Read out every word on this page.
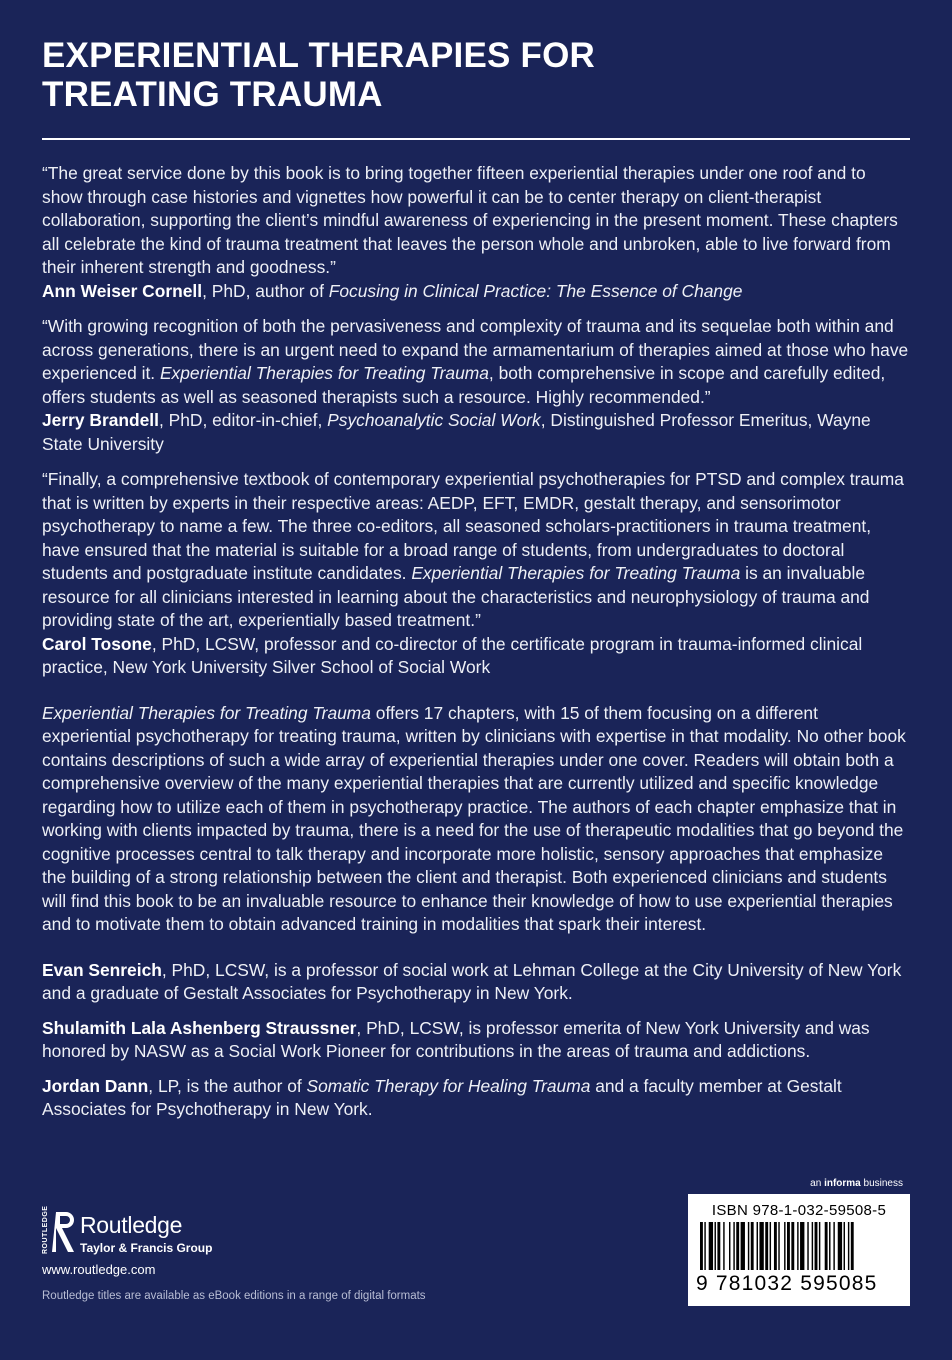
EXPERIENTIAL THERAPIES FOR
TREATING TRAUMA

“The great service done by this book is to bring together fifteen experiential therapies under one roof and to show through case histories and vignettes how powerful it can be to center therapy on client-therapist collaboration, supporting the client’s mindful awareness of experiencing in the present moment. These chapters all celebrate the kind of trauma treatment that leaves the person whole and unbroken, able to live forward from their inherent strength and goodness.”

Ann Weiser Cornell, PhD, author of Focusing in Clinical Practice: The Essence of Change

“With growing recognition of both the pervasiveness and complexity of trauma and its sequelae both within and across generations, there is an urgent need to expand the armamentarium of therapies aimed at those who have experienced it. Experiential Therapies for Treating Trauma, both comprehensive in scope and carefully edited, offers students as well as seasoned therapists such a resource. Highly recommended.”

Jerry Brandell, PhD, editor-in-chief, Psychoanalytic Social Work, Distinguished Professor Emeritus, Wayne State University

“Finally, a comprehensive textbook of contemporary experiential psychotherapies for PTSD and complex trauma that is written by experts in their respective areas: AEDP, EFT, EMDR, gestalt therapy, and sensorimotor psychotherapy to name a few. The three co-editors, all seasoned scholars-practitioners in trauma treatment, have ensured that the material is suitable for a broad range of students, from undergraduates to doctoral students and postgraduate institute candidates. Experiential Therapies for Treating Trauma is an invaluable resource for all clinicians interested in learning about the characteristics and neurophysiology of trauma and providing state of the art, experientially based treatment.”

Carol Tosone, PhD, LCSW, professor and co-director of the certificate program in trauma-informed clinical practice, New York University Silver School of Social Work

Experiential Therapies for Treating Trauma offers 17 chapters, with 15 of them focusing on a different experiential psychotherapy for treating trauma, written by clinicians with expertise in that modality. No other book contains descriptions of such a wide array of experiential therapies under one cover. Readers will obtain both a comprehensive overview of the many experiential therapies that are currently utilized and specific knowledge regarding how to utilize each of them in psychotherapy practice. The authors of each chapter emphasize that in working with clients impacted by trauma, there is a need for the use of therapeutic modalities that go beyond the cognitive processes central to talk therapy and incorporate more holistic, sensory approaches that emphasize the building of a strong relationship between the client and therapist. Both experienced clinicians and students will find this book to be an invaluable resource to enhance their knowledge of how to use experiential therapies and to motivate them to obtain advanced training in modalities that spark their interest.

Evan Senreich, PhD, LCSW, is a professor of social work at Lehman College at the City University of New York and a graduate of Gestalt Associates for Psychotherapy in New York.

Shulamith Lala Ashenberg Straussner, PhD, LCSW, is professor emerita of New York University and was honored by NASW as a Social Work Pioneer for contributions in the areas of trauma and addictions.

Jordan Dann, LP, is the author of Somatic Therapy for Healing Trauma and a faculty member at Gestalt Associates for Psychotherapy in New York.

an informa business
ROUTLEDGE Routledge
Taylor & Francis Group
www.routledge.com
Routledge titles are available as eBook editions in a range of digital formats
ISBN 978-1-032-59508-5
9 781032 595085
